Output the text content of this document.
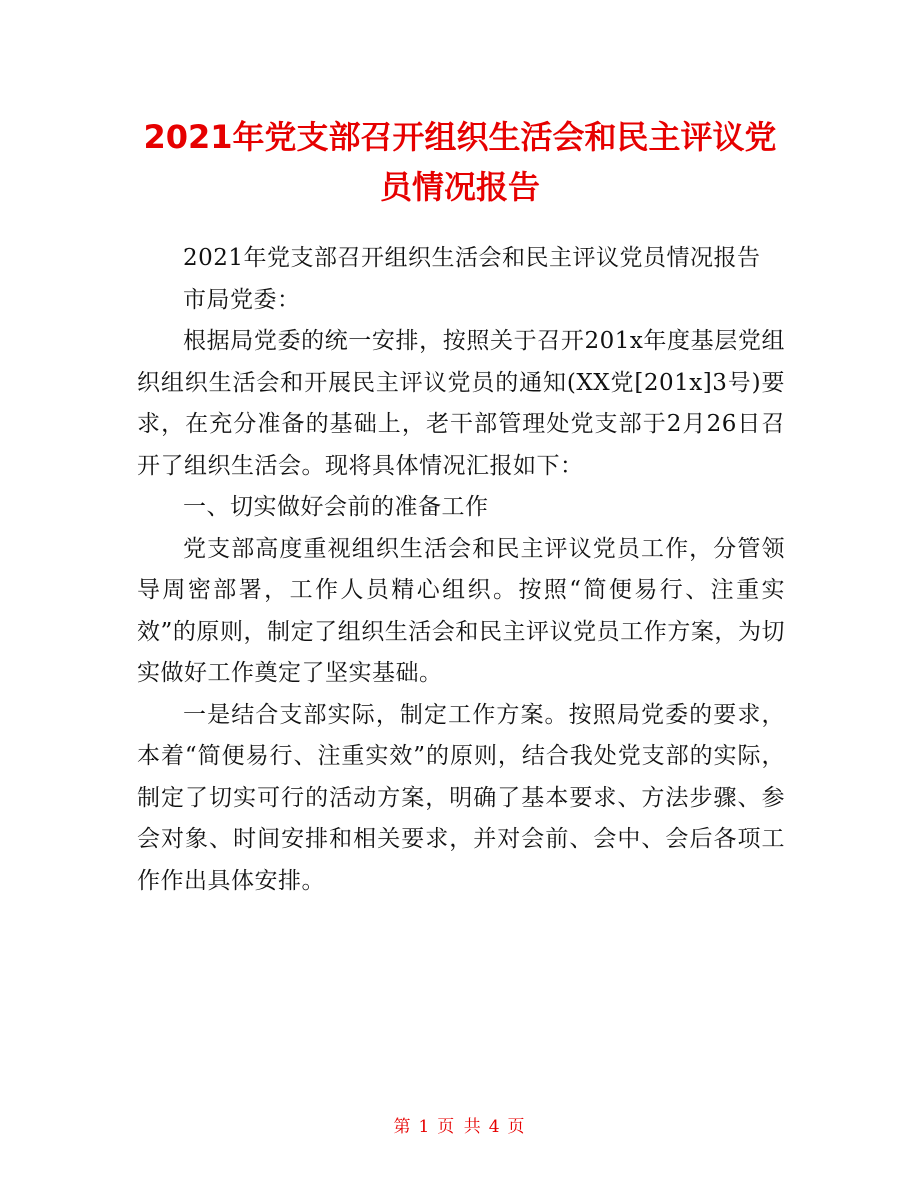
2021年党支部召开组织生活会和民主评议党员情况报告

2021年党支部召开组织生活会和民主评议党员情况报告

市局党委：

根据局党委的统一安排，按照关于召开201x年度基层党组织组织生活会和开展民主评议党员的通知(XX党[201x]3号)要求，在充分准备的基础上，老干部管理处党支部于2月26日召开了组织生活会。现将具体情况汇报如下：

一、切实做好会前的准备工作

党支部高度重视组织生活会和民主评议党员工作，分管领导周密部署，工作人员精心组织。按照“简便易行、注重实效”的原则，制定了组织生活会和民主评议党员工作方案，为切实做好工作奠定了坚实基础。

一是结合支部实际，制定工作方案。按照局党委的要求，本着“简便易行、注重实效”的原则，结合我处党支部的实际，制定了切实可行的活动方案，明确了基本要求、方法步骤、参会对象、时间安排和相关要求，并对会前、会中、会后各项工作作出具体安排。

第 1 页 共 4 页
